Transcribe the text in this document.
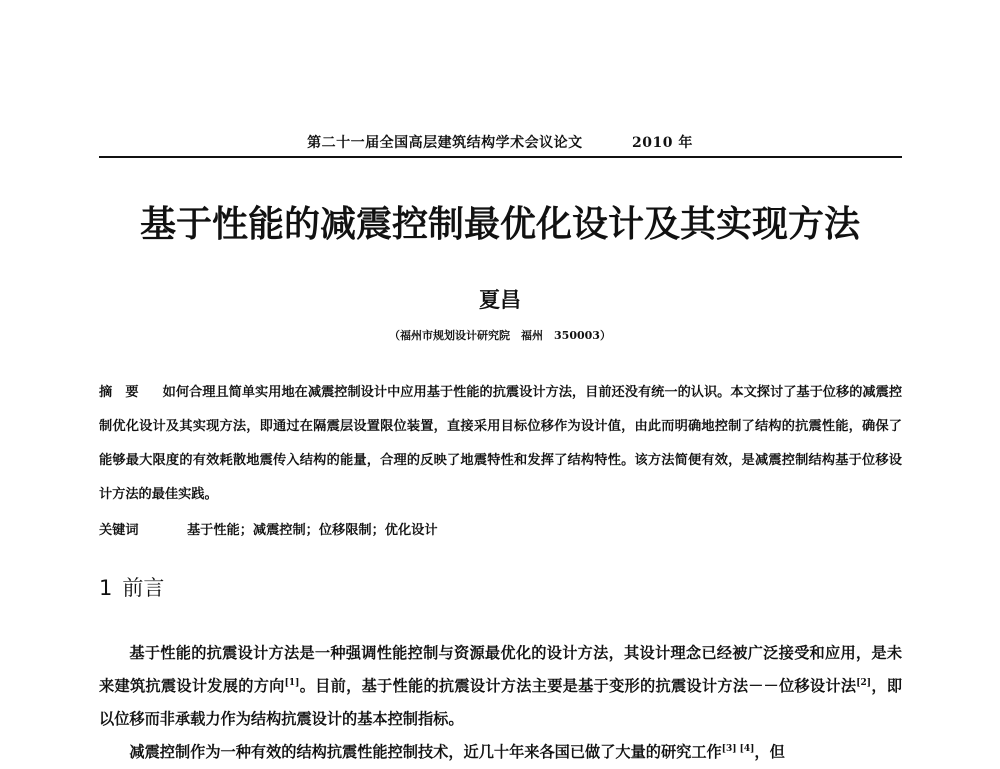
第二十一届全国高层建筑结构学术会议论文	2010 年
基于性能的减震控制最优化设计及其实现方法
夏昌
（福州市规划设计研究院　福州　350003）
摘　要 如何合理且简单实用地在减震控制设计中应用基于性能的抗震设计方法，目前还没有统一的认识。本文探讨了基于位移的减震控制优化设计及其实现方法，即通过在隔震层设置限位装置，直接采用目标位移作为设计值，由此而明确地控制了结构的抗震性能，确保了能够最大限度的有效耗散地震传入结构的能量，合理的反映了地震特性和发挥了结构特性。该方法简便有效，是减震控制结构基于位移设计方法的最佳实践。
关键词	基于性能；减震控制；位移限制；优化设计
1 前言

基于性能的抗震设计方法是一种强调性能控制与资源最优化的设计方法，其设计理念已经被广泛接受和应用，是未来建筑抗震设计发展的方向[1]。目前，基于性能的抗震设计方法主要是基于变形的抗震设计方法－－位移设计法[2]，即以位移而非承载力作为结构抗震设计的基本控制指标。

减震控制作为一种有效的结构抗震性能控制技术，近几十年来各国已做了大量的研究工作[3] [4]，但
